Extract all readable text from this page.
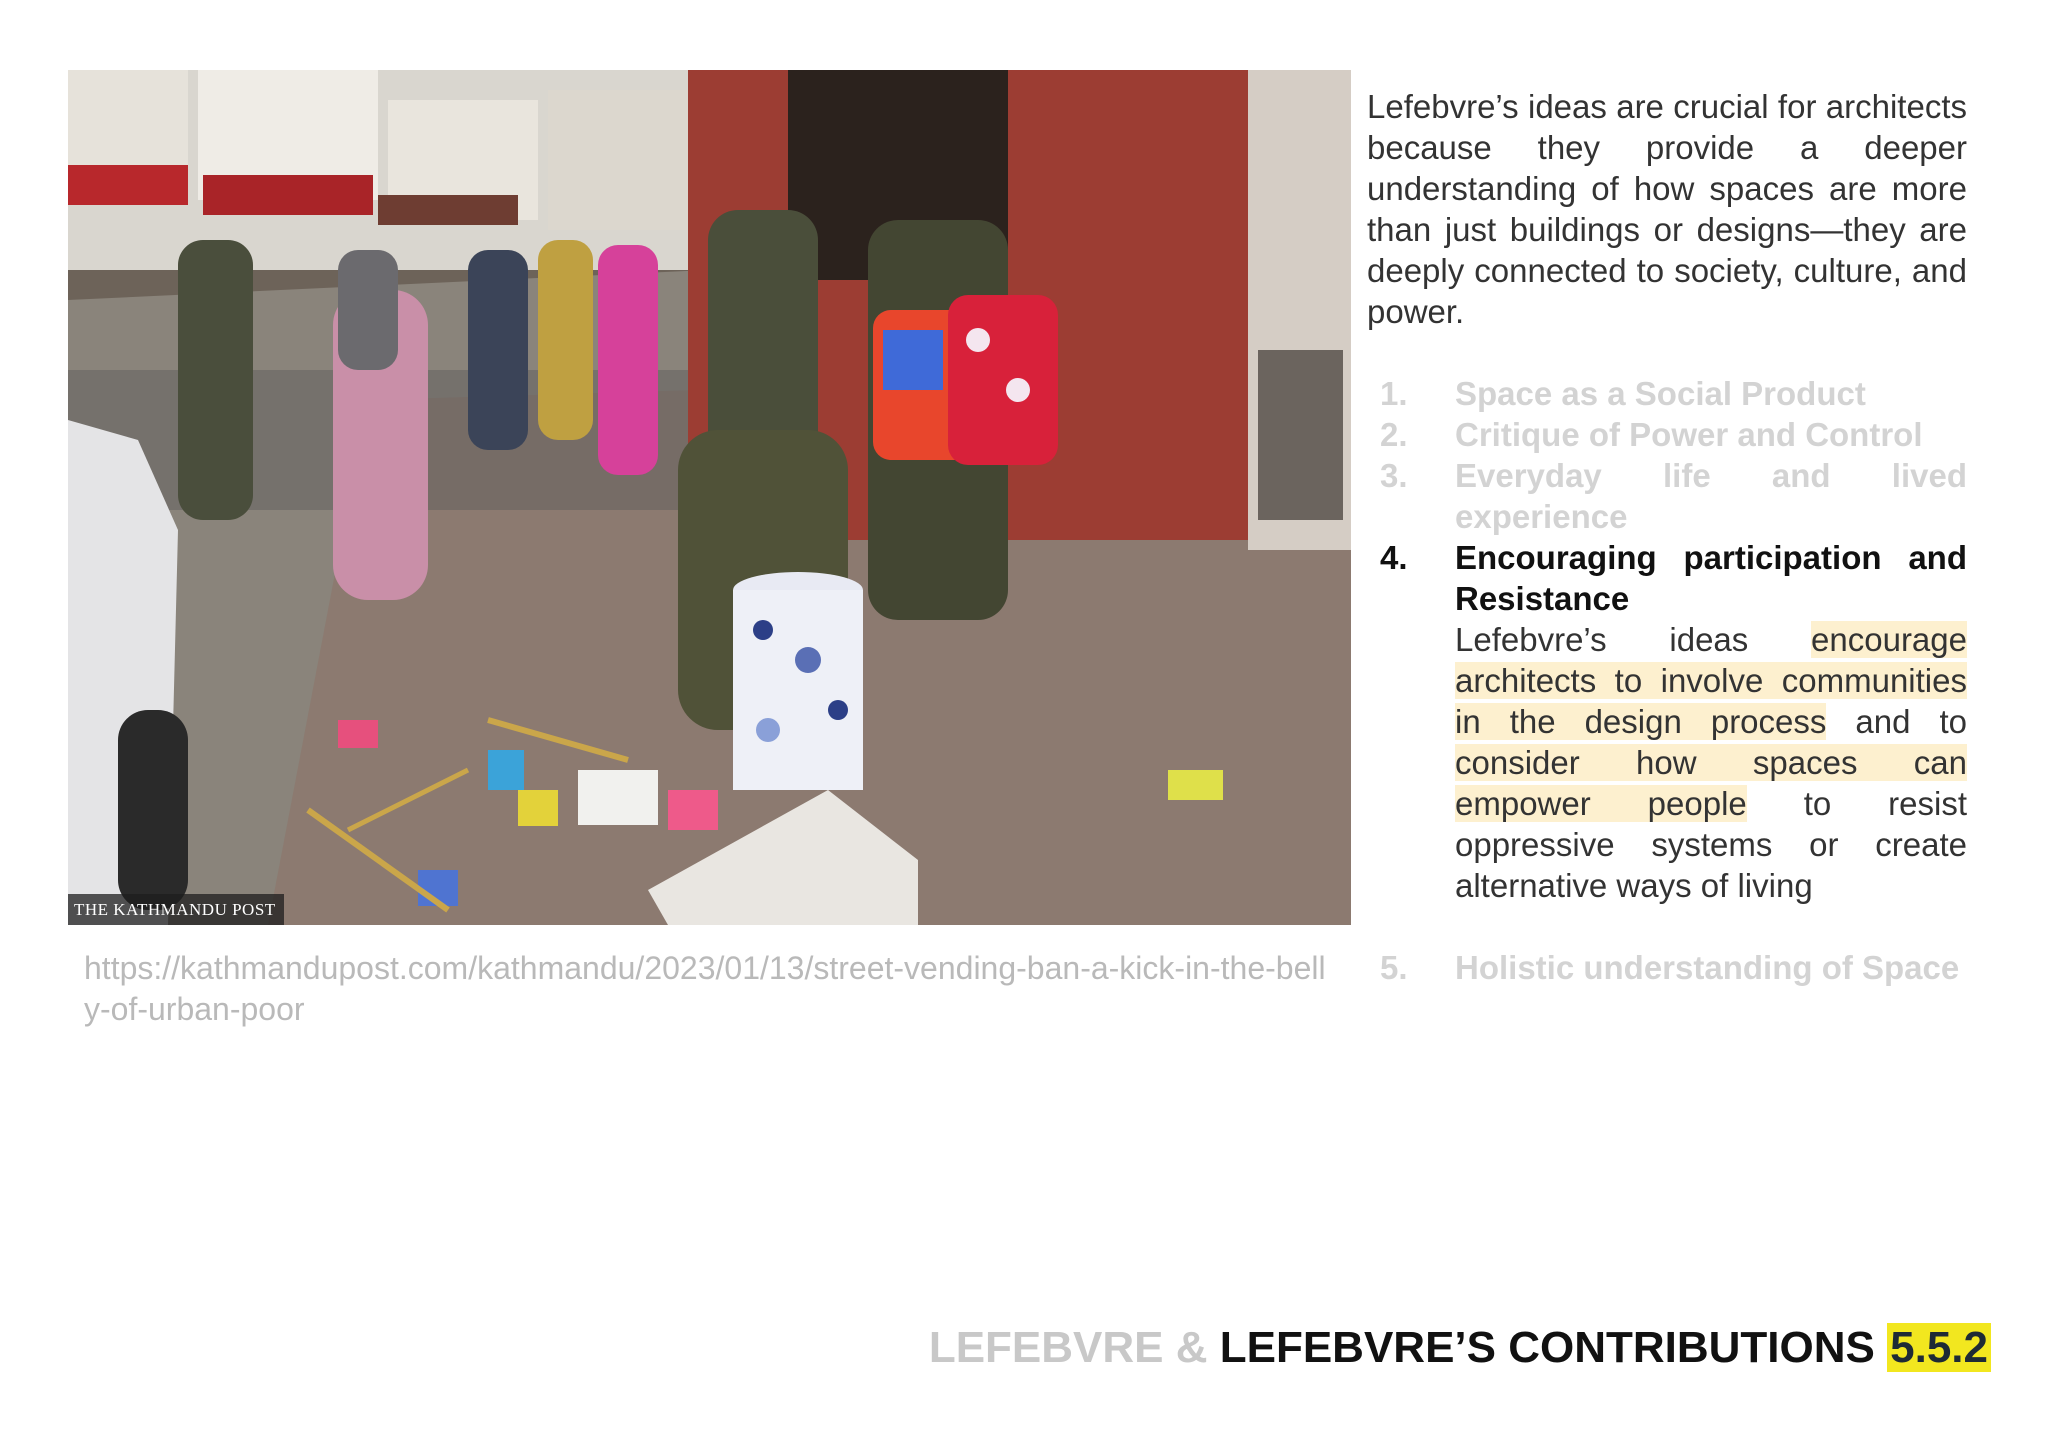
THE KATHMANDU POST
https://kathmandupost.com/kathmandu/2023/01/13/street-vending-ban-a-kick-in-the-belly-of-urban-poor

Lefebvre’s ideas are crucial for architects because they provide a deeper understanding of how spaces are more than just buildings or designs—they are deeply connected to society, culture, and power.

1. Space as a Social Product
2. Critique of Power and Control
3. Everyday life and lived experience
4. Encouraging participation and Resistance
Lefebvre’s ideas encourage architects to involve communities in the design process and to consider how spaces can empower people to resist oppressive systems or create alternative ways of living
5. Holistic understanding of Space
LEFEBVRE & LEFEBVRE’S CONTRIBUTIONS 5.5.2
